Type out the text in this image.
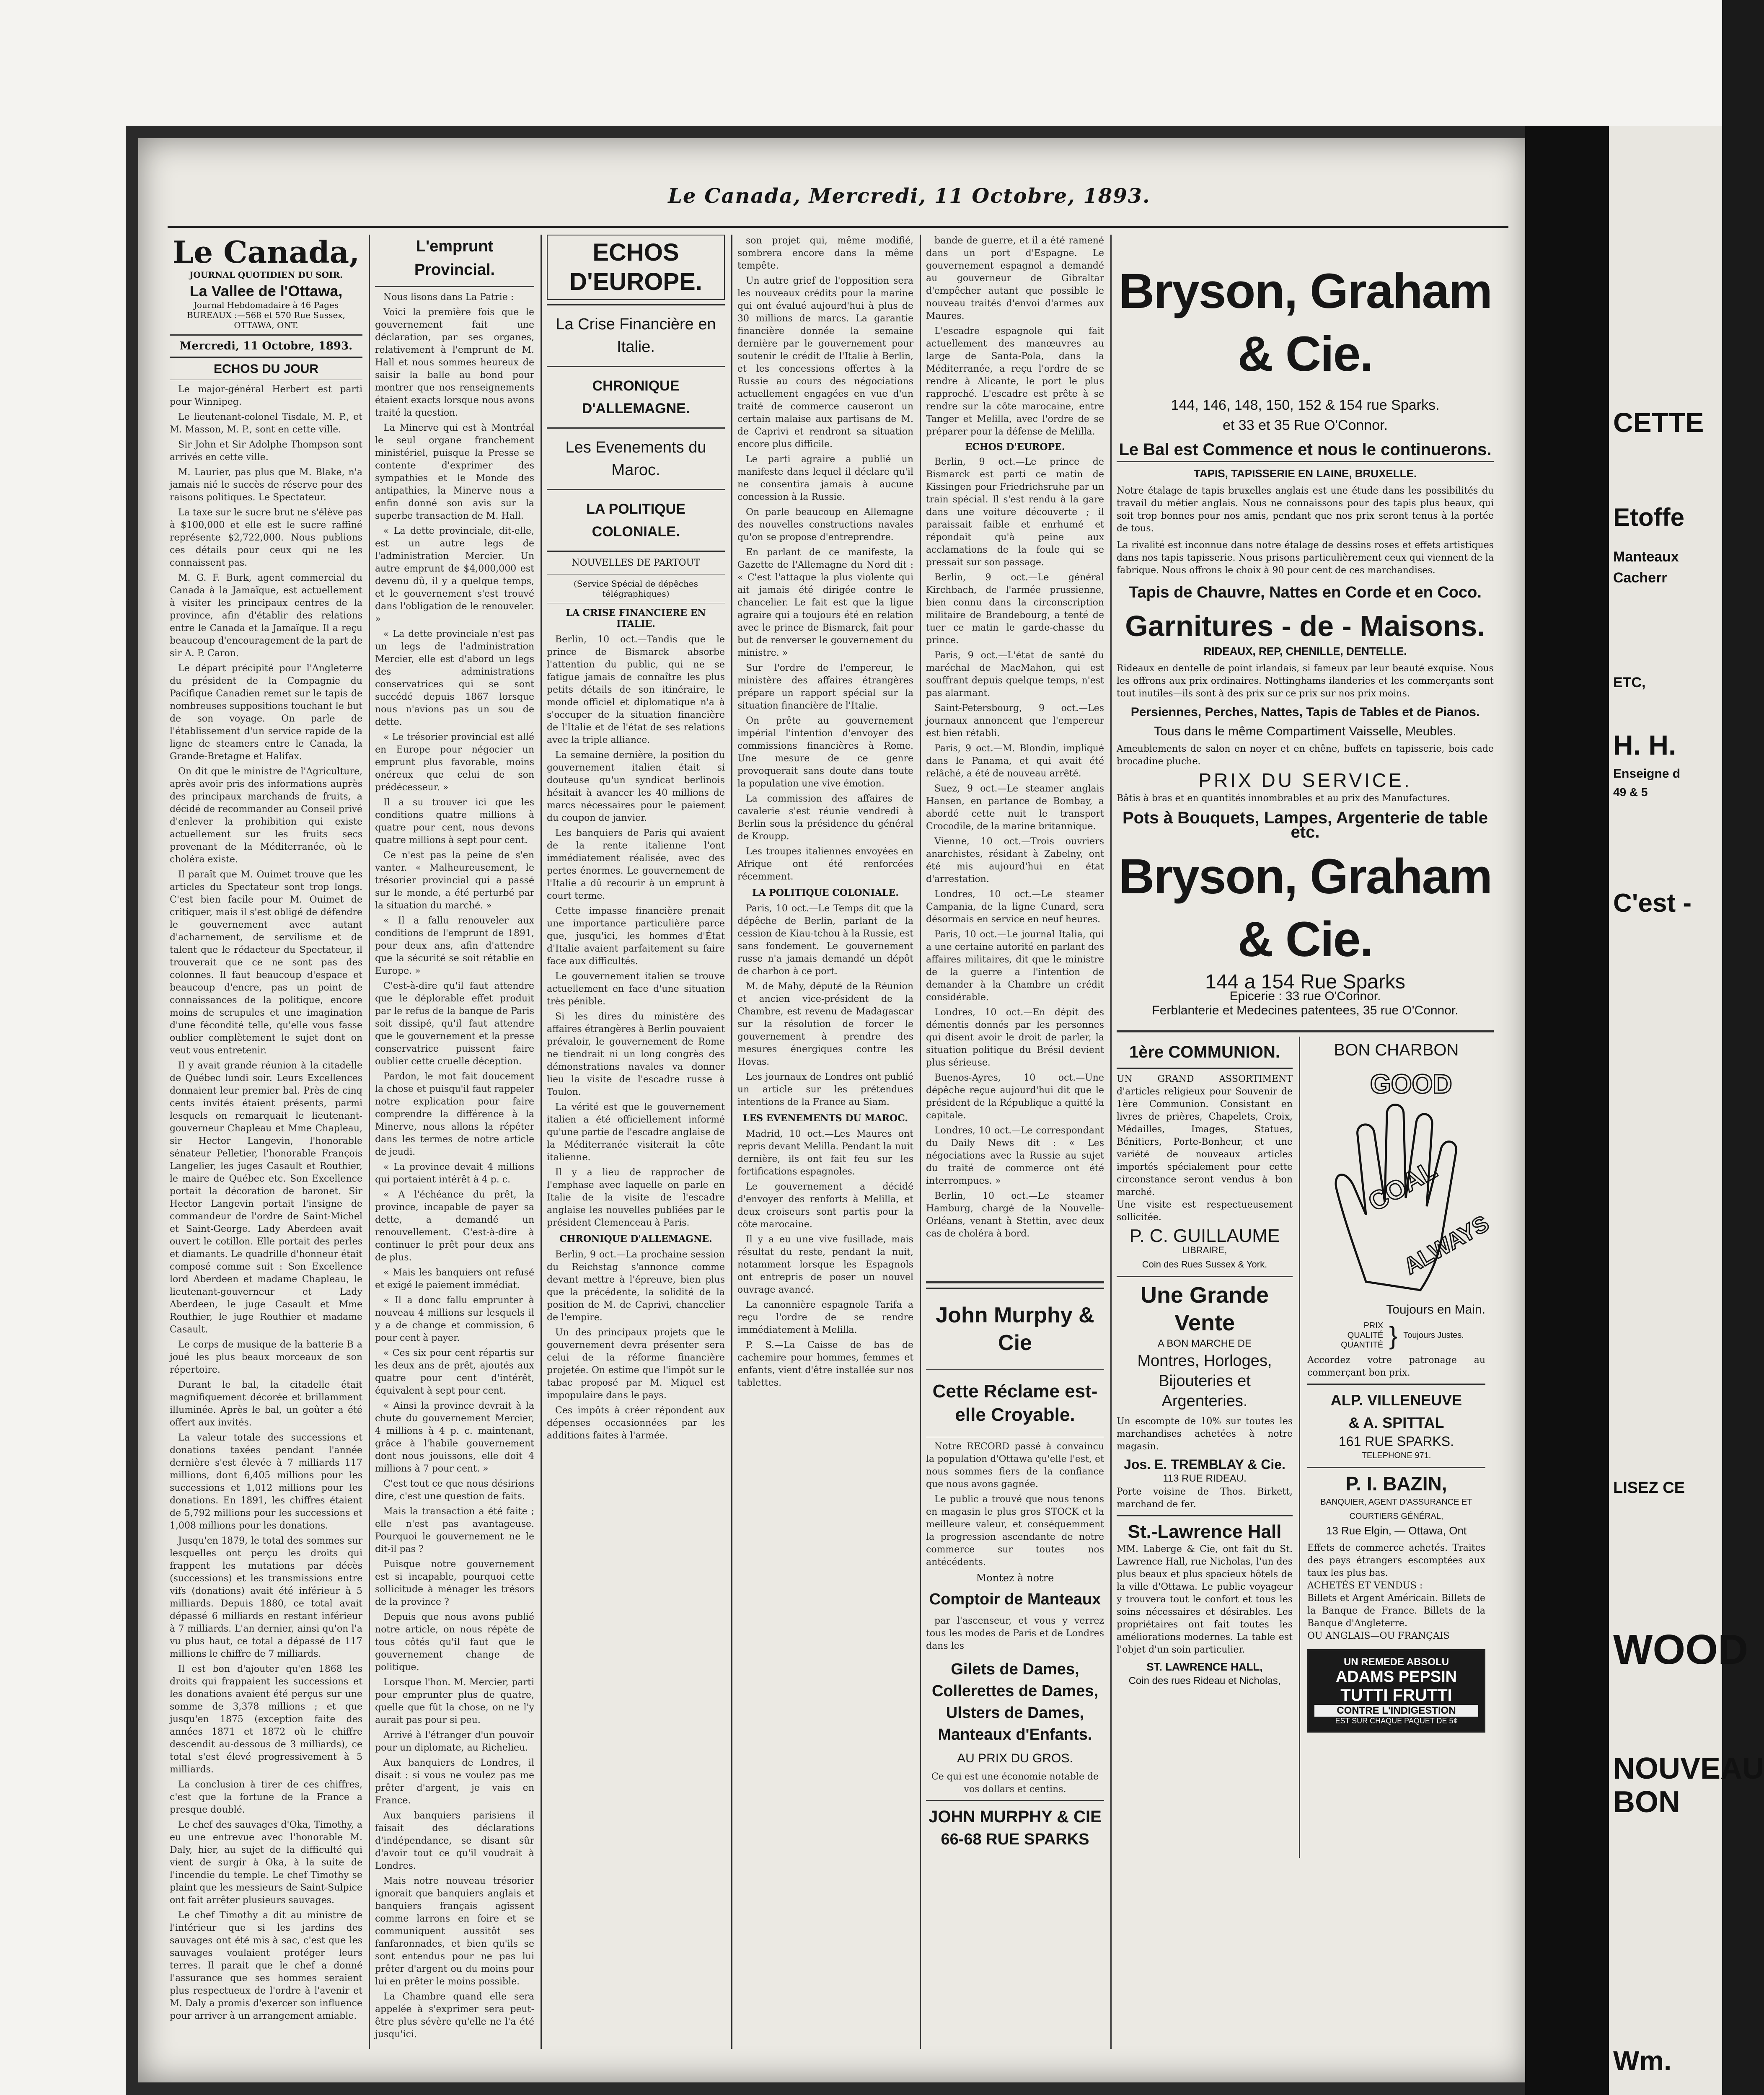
Le Canada, Mercredi, 11 Octobre, 1893.
Le Canada,
JOURNAL QUOTIDIEN DU SOIR.
La Vallee de l'Ottawa,
Journal Hebdomadaire à 46 Pages
BUREAUX :—568 et 570 Rue Sussex,
OTTAWA, ONT.
Mercredi, 11 Octobre, 1893.
ECHOS DU JOUR

Le major-général Herbert est parti pour Winnipeg.

Le lieutenant-colonel Tisdale, M. P., et M. Masson, M. P., sont en cette ville.

Sir John et Sir Adolphe Thompson sont arrivés en cette ville.

M. Laurier, pas plus que M. Blake, n'a jamais nié le succès de réserve pour des raisons politiques. Le Spectateur.

La taxe sur le sucre brut ne s'élève pas à $100,000 et elle est le sucre raffiné représente $2,722,000. Nous publions ces détails pour ceux qui ne les connaissent pas.

M. G. F. Burk, agent commercial du Canada à la Jamaïque, est actuellement à visiter les principaux centres de la province, afin d'établir des relations entre le Canada et la Jamaïque. Il a reçu beaucoup d'encouragement de la part de sir A. P. Caron.

Le départ précipité pour l'Angleterre du président de la Compagnie du Pacifique Canadien remet sur le tapis de nombreuses suppositions touchant le but de son voyage. On parle de l'établissement d'un service rapide de la ligne de steamers entre le Canada, la Grande-Bretagne et Halifax.

On dit que le ministre de l'Agriculture, après avoir pris des informations auprès des principaux marchands de fruits, a décidé de recommander au Conseil privé d'enlever la prohibition qui existe actuellement sur les fruits secs provenant de la Méditerranée, où le choléra existe.

Il paraît que M. Ouimet trouve que les articles du Spectateur sont trop longs. C'est bien facile pour M. Ouimet de critiquer, mais il s'est obligé de défendre le gouvernement avec autant d'acharnement, de servilisme et de talent que le rédacteur du Spectateur, il trouverait que ce ne sont pas des colonnes. Il faut beaucoup d'espace et beaucoup d'encre, pas un point de connaissances de la politique, encore moins de scrupules et une imagination d'une fécondité telle, qu'elle vous fasse oublier complètement le sujet dont on veut vous entretenir.

Il y avait grande réunion à la citadelle de Québec lundi soir. Leurs Excellences donnaient leur premier bal. Près de cinq cents invités étaient présents, parmi lesquels on remarquait le lieutenant-gouverneur Chapleau et Mme Chapleau, sir Hector Langevin, l'honorable sénateur Pelletier, l'honorable François Langelier, les juges Casault et Routhier, le maire de Québec etc. Son Excellence portait la décoration de baronet. Sir Hector Langevin portait l'insigne de commandeur de l'ordre de Saint-Michel et Saint-George. Lady Aberdeen avait ouvert le cotillon. Elle portait des perles et diamants. Le quadrille d'honneur était composé comme suit : Son Excellence lord Aberdeen et madame Chapleau, le lieutenant-gouverneur et Lady Aberdeen, le juge Casault et Mme Routhier, le juge Routhier et madame Casault.

Le corps de musique de la batterie B a joué les plus beaux morceaux de son répertoire.

Durant le bal, la citadelle était magnifiquement décorée et brillamment illuminée. Après le bal, un goûter a été offert aux invités.

La valeur totale des successions et donations taxées pendant l'année dernière s'est élevée à 7 milliards 117 millions, dont 6,405 millions pour les successions et 1,012 millions pour les donations. En 1891, les chiffres étaient de 5,792 millions pour les successions et 1,008 millions pour les donations.

Jusqu'en 1879, le total des sommes sur lesquelles ont perçu les droits qui frappent les mutations par décès (successions) et les transmissions entre vifs (donations) avait été inférieur à 5 milliards. Depuis 1880, ce total avait dépassé 6 milliards en restant inférieur à 7 milliards. L'an dernier, ainsi qu'on l'a vu plus haut, ce total a dépassé de 117 millions le chiffre de 7 milliards.

Il est bon d'ajouter qu'en 1868 les droits qui frappaient les successions et les donations avaient été perçus sur une somme de 3,378 millions ; et que jusqu'en 1875 (exception faite des années 1871 et 1872 où le chiffre descendit au-dessous de 3 milliards), ce total s'est élevé progressivement à 5 milliards.

La conclusion à tirer de ces chiffres, c'est que la fortune de la France a presque doublé.

Le chef des sauvages d'Oka, Timothy, a eu une entrevue avec l'honorable M. Daly, hier, au sujet de la difficulté qui vient de surgir à Oka, à la suite de l'incendie du temple. Le chef Timothy se plaint que les messieurs de Saint-Sulpice ont fait arrêter plusieurs sauvages.

Le chef Timothy a dit au ministre de l'intérieur que si les jardins des sauvages ont été mis à sac, c'est que les sauvages voulaient protéger leurs terres. Il parait que le chef a donné l'assurance que ses hommes seraient plus respectueux de l'ordre à l'avenir et M. Daly a promis d'exercer son influence pour arriver à un arrangement amiable.

L'emprunt Provincial.

Nous lisons dans La Patrie :

Voici la première fois que le gouvernement fait une déclaration, par ses organes, relativement à l'emprunt de M. Hall et nous sommes heureux de saisir la balle au bond pour montrer que nos renseignements étaient exacts lorsque nous avons traité la question.

La Minerve qui est à Montréal le seul organe franchement ministériel, puisque la Presse se contente d'exprimer des sympathies et le Monde des antipathies, la Minerve nous a enfin donné son avis sur la superbe transaction de M. Hall.

« La dette provinciale, dit-elle, est un autre legs de l'administration Mercier. Un autre emprunt de $4,000,000 est devenu dû, il y a quelque temps, et le gouvernement s'est trouvé dans l'obligation de le renouveler. »

« La dette provinciale n'est pas un legs de l'administration Mercier, elle est d'abord un legs des administrations conservatrices qui se sont succédé depuis 1867 lorsque nous n'avions pas un sou de dette.

« Le trésorier provincial est allé en Europe pour négocier un emprunt plus favorable, moins onéreux que celui de son prédécesseur. »

Il a su trouver ici que les conditions quatre millions à quatre pour cent, nous devons quatre millions à sept pour cent.

Ce n'est pas la peine de s'en vanter. « Malheureusement, le trésorier provincial qui a passé sur le monde, a été perturbé par la situation du marché. »

« Il a fallu renouveler aux conditions de l'emprunt de 1891, pour deux ans, afin d'attendre que la sécurité se soit rétablie en Europe. »

C'est-à-dire qu'il faut attendre que le déplorable effet produit par le refus de la banque de Paris soit dissipé, qu'il faut attendre que le gouvernement et la presse conservatrice puissent faire oublier cette cruelle déception.

Pardon, le mot fait doucement la chose et puisqu'il faut rappeler notre explication pour faire comprendre la différence à la Minerve, nous allons la répéter dans les termes de notre article de jeudi.

« La province devait 4 millions qui portaient intérêt à 4 p. c.

« A l'échéance du prêt, la province, incapable de payer sa dette, a demandé un renouvellement. C'est-à-dire à continuer le prêt pour deux ans de plus.

« Mais les banquiers ont refusé et exigé le paiement immédiat.

« Il a donc fallu emprunter à nouveau 4 millions sur lesquels il y a de change et commission, 6 pour cent à payer.

« Ces six pour cent répartis sur les deux ans de prêt, ajoutés aux quatre pour cent d'intérêt, équivalent à sept pour cent.

« Ainsi la province devrait à la chute du gouvernement Mercier, 4 millions à 4 p. c. maintenant, grâce à l'habile gouvernement dont nous jouissons, elle doit 4 millions à 7 pour cent. »

C'est tout ce que nous désirions dire, c'est une question de faits.

Mais la transaction a été faite ; elle n'est pas avantageuse. Pourquoi le gouvernement ne le dit-il pas ?

Puisque notre gouvernement est si incapable, pourquoi cette sollicitude à ménager les trésors de la province ?

Depuis que nous avons publié notre article, on nous répète de tous côtés qu'il faut que le gouvernement change de politique.

Lorsque l'hon. M. Mercier, parti pour emprunter plus de quatre, quelle que fût la chose, on ne l'y aurait pas pour si peu.

Arrivé à l'étranger d'un pouvoir pour un diplomate, au Richelieu.

Aux banquiers de Londres, il disait : si vous ne voulez pas me prêter d'argent, je vais en France.

Aux banquiers parisiens il faisait des déclarations d'indépendance, se disant sûr d'avoir tout ce qu'il voudrait à Londres.

Mais notre nouveau trésorier ignorait que banquiers anglais et banquiers français agissent comme larrons en foire et se communiquent aussitôt ses fanfaronnades, et bien qu'ils se sont entendus pour ne pas lui prêter d'argent ou du moins pour lui en prêter le moins possible.

La Chambre quand elle sera appelée à s'exprimer sera peut-être plus sévère qu'elle ne l'a été jusqu'ici.

ECHOS D'EUROPE.
La Crise Financière en Italie.
CHRONIQUE D'ALLEMAGNE.
Les Evenements du Maroc.
LA POLITIQUE COLONIALE.
NOUVELLES DE PARTOUT
(Service Spécial de dépêches télégraphiques)
LA CRISE FINANCIERE EN ITALIE.

Berlin, 10 oct.—Tandis que le prince de Bismarck absorbe l'attention du public, qui ne se fatigue jamais de connaître les plus petits détails de son itinéraire, le monde officiel et diplomatique n'a à s'occuper de la situation financière de l'Italie et de l'état de ses relations avec la triple alliance.

La semaine dernière, la position du gouvernement italien était si douteuse qu'un syndicat berlinois hésitait à avancer les 40 millions de marcs nécessaires pour le paiement du coupon de janvier.

Les banquiers de Paris qui avaient de la rente italienne l'ont immédiatement réalisée, avec des pertes énormes. Le gouvernement de l'Italie a dû recourir à un emprunt à court terme.

Cette impasse financière prenait une importance particulière parce que, jusqu'ici, les hommes d'État d'Italie avaient parfaitement su faire face aux difficultés.

Le gouvernement italien se trouve actuellement en face d'une situation très pénible.

Si les dires du ministère des affaires étrangères à Berlin pouvaient prévaloir, le gouvernement de Rome ne tiendrait ni un long congrès des démonstrations navales va donner lieu la visite de l'escadre russe à Toulon.

La vérité est que le gouvernement italien a été officiellement informé qu'une partie de l'escadre anglaise de la Méditerranée visiterait la côte italienne.

Il y a lieu de rapprocher de l'emphase avec laquelle on parle en Italie de la visite de l'escadre anglaise les nouvelles publiées par le président Clemenceau à Paris.

CHRONIQUE D'ALLEMAGNE.

Berlin, 9 oct.—La prochaine session du Reichstag s'annonce comme devant mettre à l'épreuve, bien plus que la précédente, la solidité de la position de M. de Caprivi, chancelier de l'empire.

Un des principaux projets que le gouvernement devra présenter sera celui de la réforme financière projetée. On estime que l'impôt sur le tabac proposé par M. Miquel est impopulaire dans le pays.

Ces impôts à créer répondent aux dépenses occasionnées par les additions faites à l'armée.

son projet qui, même modifié, sombrera encore dans la même tempête.

Un autre grief de l'opposition sera les nouveaux crédits pour la marine qui ont évalué aujourd'hui à plus de 30 millions de marcs. La garantie financière donnée la semaine dernière par le gouvernement pour soutenir le crédit de l'Italie à Berlin, et les concessions offertes à la Russie au cours des négociations actuellement engagées en vue d'un traité de commerce causeront un certain malaise aux partisans de M. de Caprivi et rendront sa situation encore plus difficile.

Le parti agraire a publié un manifeste dans lequel il déclare qu'il ne consentira jamais à aucune concession à la Russie.

On parle beaucoup en Allemagne des nouvelles constructions navales qu'on se propose d'entreprendre.

En parlant de ce manifeste, la Gazette de l'Allemagne du Nord dit : « C'est l'attaque la plus violente qui ait jamais été dirigée contre le chancelier. Le fait est que la ligue agraire qui a toujours été en relation avec le prince de Bismarck, fait pour but de renverser le gouvernement du ministre. »

Sur l'ordre de l'empereur, le ministère des affaires étrangères prépare un rapport spécial sur la situation financière de l'Italie.

On prête au gouvernement impérial l'intention d'envoyer des commissions financières à Rome. Une mesure de ce genre provoquerait sans doute dans toute la population une vive émotion.

La commission des affaires de cavalerie s'est réunie vendredi à Berlin sous la présidence du général de Kroupp.

Les troupes italiennes envoyées en Afrique ont été renforcées récemment.

LA POLITIQUE COLONIALE.

Paris, 10 oct.—Le Temps dit que la dépêche de Berlin, parlant de la cession de Kiau-tchou à la Russie, est sans fondement. Le gouvernement russe n'a jamais demandé un dépôt de charbon à ce port.

M. de Mahy, député de la Réunion et ancien vice-président de la Chambre, est revenu de Madagascar sur la résolution de forcer le gouvernement à prendre des mesures énergiques contre les Hovas.

Les journaux de Londres ont publié un article sur les prétendues intentions de la France au Siam.

LES EVENEMENTS DU MAROC.

Madrid, 10 oct.—Les Maures ont repris devant Melilla. Pendant la nuit dernière, ils ont fait feu sur les fortifications espagnoles.

Le gouvernement a décidé d'envoyer des renforts à Melilla, et deux croiseurs sont partis pour la côte marocaine.

Il y a eu une vive fusillade, mais résultat du reste, pendant la nuit, notamment lorsque les Espagnols ont entrepris de poser un nouvel ouvrage avancé.

La canonnière espagnole Tarifa a reçu l'ordre de se rendre immédiatement à Melilla.

P. S.—La Caisse de bas de cachemire pour hommes, femmes et enfants, vient d'être installée sur nos tablettes.

bande de guerre, et il a été ramené dans un port d'Espagne. Le gouvernement espagnol a demandé au gouverneur de Gibraltar d'empêcher autant que possible le nouveau traités d'envoi d'armes aux Maures.

L'escadre espagnole qui fait actuellement des manœuvres au large de Santa-Pola, dans la Méditerranée, a reçu l'ordre de se rendre à Alicante, le port le plus rapproché. L'escadre est prête à se rendre sur la côte marocaine, entre Tanger et Melilla, avec l'ordre de se préparer pour la défense de Melilla.

ECHOS D'EUROPE.

Berlin, 9 oct.—Le prince de Bismarck est parti ce matin de Kissingen pour Friedrichsruhe par un train spécial. Il s'est rendu à la gare dans une voiture découverte ; il paraissait faible et enrhumé et répondait qu'à peine aux acclamations de la foule qui se pressait sur son passage.

Berlin, 9 oct.—Le général Kirchbach, de l'armée prussienne, bien connu dans la circonscription militaire de Brandebourg, a tenté de tuer ce matin le garde-chasse du prince.

Paris, 9 oct.—L'état de santé du maréchal de MacMahon, qui est souffrant depuis quelque temps, n'est pas alarmant.

Saint-Petersbourg, 9 oct.—Les journaux annoncent que l'empereur est bien rétabli.

Paris, 9 oct.—M. Blondin, impliqué dans le Panama, et qui avait été relâché, a été de nouveau arrêté.

Suez, 9 oct.—Le steamer anglais Hansen, en partance de Bombay, a abordé cette nuit le transport Crocodile, de la marine britannique.

Vienne, 10 oct.—Trois ouvriers anarchistes, résidant à Zabelny, ont été mis aujourd'hui en état d'arrestation.

Londres, 10 oct.—Le steamer Campania, de la ligne Cunard, sera désormais en service en neuf heures.

Paris, 10 oct.—Le journal Italia, qui a une certaine autorité en parlant des affaires militaires, dit que le ministre de la guerre a l'intention de demander à la Chambre un crédit considérable.

Londres, 10 oct.—En dépit des démentis donnés par les personnes qui disent avoir le droit de parler, la situation politique du Brésil devient plus sérieuse.

Buenos-Ayres, 10 oct.—Une dépêche reçue aujourd'hui dit que le président de la République a quitté la capitale.

Londres, 10 oct.—Le correspondant du Daily News dit : « Les négociations avec la Russie au sujet du traité de commerce ont été interrompues. »

Berlin, 10 oct.—Le steamer Hamburg, chargé de la Nouvelle-Orléans, venant à Stettin, avec deux cas de choléra à bord.

John Murphy & Cie
Cette Réclame est-elle Croyable.

Notre RECORD passé à convaincu la population d'Ottawa qu'elle l'est, et nous sommes fiers de la confiance que nous avons gagnée.

Le public a trouvé que nous tenons en magasin le plus gros STOCK et la meilleure valeur, et conséquemment la progression ascendante de notre commerce sur toutes nos antécédents.

Montez à notre
Comptoir de Manteaux

par l'ascenseur, et vous y verrez tous les modes de Paris et de Londres dans les

Gilets de Dames, Collerettes de Dames, Ulsters de Dames, Manteaux d'Enfants.
AU PRIX DU GROS.
Ce qui est une économie notable de vos dollars et centins.
JOHN MURPHY & CIE
66-68 RUE SPARKS
Bryson, Graham & Cie.
144, 146, 148, 150, 152 & 154 rue Sparks.
et 33 et 35 Rue O'Connor.
Le Bal est Commence et nous le continuerons.
TAPIS, TAPISSERIE EN LAINE, BRUXELLE.
Notre étalage de tapis bruxelles anglais est une étude dans les possibilités du travail du métier anglais. Nous ne connaissons pour des tapis plus beaux, qui soit trop bonnes pour nos amis, pendant que nos prix seront tenus à la portée de tous.
La rivalité est inconnue dans notre étalage de dessins roses et effets artistiques dans nos tapis tapisserie. Nous prisons particulièrement ceux qui viennent de la fabrique. Nous offrons le choix à 90 pour cent de ces marchandises.
Tapis de Chauvre, Nattes en Corde et en Coco.
Garnitures - de - Maisons.
RIDEAUX, REP, CHENILLE, DENTELLE.
Rideaux en dentelle de point irlandais, si fameux par leur beauté exquise. Nous les offrons aux prix ordinaires. Nottinghams ilanderies et les commerçants sont tout inutiles—ils sont à des prix sur ce prix sur nos prix moins.
Persiennes, Perches, Nattes, Tapis de Tables et de Pianos.
Tous dans le même Compartiment Vaisselle, Meubles.
Ameublements de salon en noyer et en chêne, buffets en tapisserie, bois cade brocadine pluche.
PRIX DU SERVICE.
Bâtis à bras et en quantités innombrables et au prix des Manufactures.
Pots à Bouquets, Lampes, Argenterie de table etc.
Bryson, Graham & Cie.
144 a 154 Rue Sparks
Epicerie : 33 rue O'Connor.
Ferblanterie et Medecines patentees, 35 rue O'Connor.
1ère COMMUNION.
UN GRAND ASSORTIMENT d'articles religieux pour Souvenir de 1ère Communion. Consistant en livres de prières, Chapelets, Croix, Médailles, Images, Statues, Bénitiers, Porte-Bonheur, et une variété de nouveaux articles importés spécialement pour cette circonstance seront vendus à bon marché.
Une visite est respectueusement sollicitée.
P. C. GUILLAUME
LIBRAIRE,
Coin des Rues Sussex & York.
Une Grande Vente
A BON MARCHE DE
Montres, Horloges, Bijouteries et Argenteries.
Un escompte de 10% sur toutes les marchandises achetées à notre magasin.
Jos. E. TREMBLAY & Cie.
113 RUE RIDEAU.
Porte voisine de Thos. Birkett, marchand de fer.
St.-Lawrence Hall
MM. Laberge & Cie, ont fait du St. Lawrence Hall, rue Nicholas, l'un des plus beaux et plus spacieux hôtels de la ville d'Ottawa. Le public voyageur y trouvera tout le confort et tous les soins nécessaires et désirables. Les propriétaires ont fait toutes les améliorations modernes. La table est l'objet d'un soin particulier.
ST. LAWRENCE HALL,
Coin des rues Rideau et Nicholas,
BON CHARBON
GOOD
COAL
ALWAYS
Toujours en Main.
PRIX QUALITÉ QUANTITÉ } Toujours Justes.
Accordez votre patronage au commerçant bon prix.
ALP. VILLENEUVE
& A. SPITTAL
161 RUE SPARKS.
TELEPHONE 971.
P. I. BAZIN,
BANQUIER, AGENT D'ASSURANCE ET COURTIERS GÉNÉRAL,
13 Rue Elgin, — Ottawa, Ont
Effets de commerce achetés. Traites des pays étrangers escomptées aux taux les plus bas.
ACHETÉS ET VENDUS :
Billets et Argent Américain. Billets de la Banque de France. Billets de la Banque d'Angleterre.
OU ANGLAIS—OU FRANÇAIS
UN REMEDE ABSOLU
ADAMS PEPSIN
TUTTI FRUTTI
CONTRE L'INDIGESTION
EST SUR CHAQUE PAQUET DE 5¢
CETTE
Etoffe
Manteaux
Cacherr
ETC,
H. H.
Enseigne d
49 & 5
C'est -
LISEZ CE
WOOD
NOUVEAU
BON
Wm.
